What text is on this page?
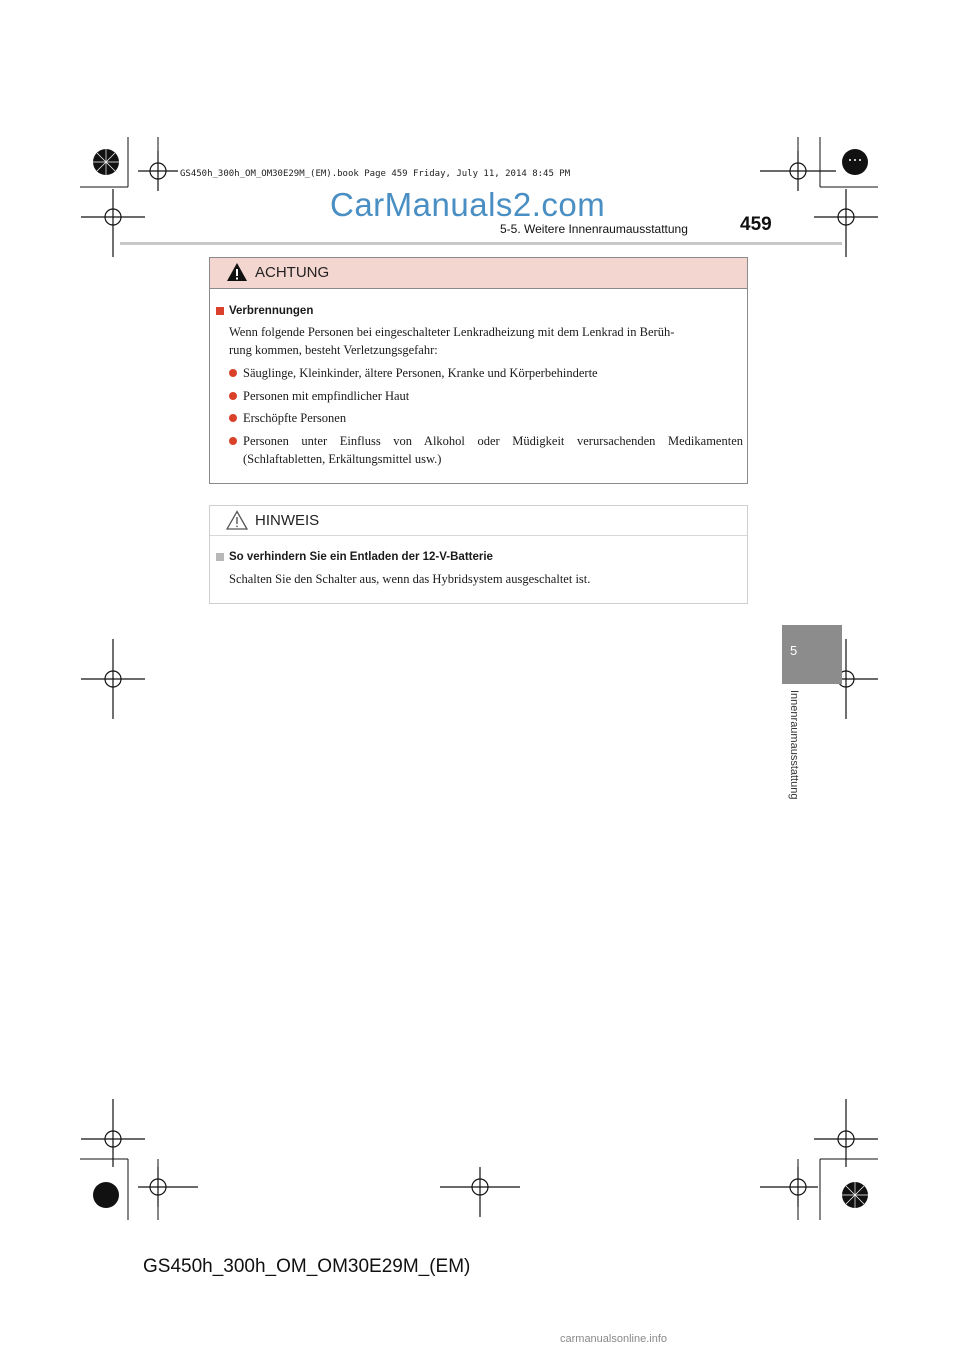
GS450h_300h_OM_OM30E29M_(EM).book Page 459 Friday, July 11, 2014 8:45 PM
CarManuals2.com
5-5. Weitere Innenraumausstattung	459
5
Innenraumausstattung
ACHTUNG
Verbrennungen
Wenn folgende Personen bei eingeschalteter Lenkradheizung mit dem Lenkrad in Berüh-
rung kommen, besteht Verletzungsgefahr:
Säuglinge, Kleinkinder, ältere Personen, Kranke und Körperbehinderte
Personen mit empfindlicher Haut
Erschöpfte Personen
Personen unter Einfluss von Alkohol oder Müdigkeit verursachenden Medikamenten
(Schlaftabletten, Erkältungsmittel usw.)
HINWEIS
So verhindern Sie ein Entladen der 12-V-Batterie
Schalten Sie den Schalter aus, wenn das Hybridsystem ausgeschaltet ist.
GS450h_300h_OM_OM30E29M_(EM)
carmanualsonline.info
